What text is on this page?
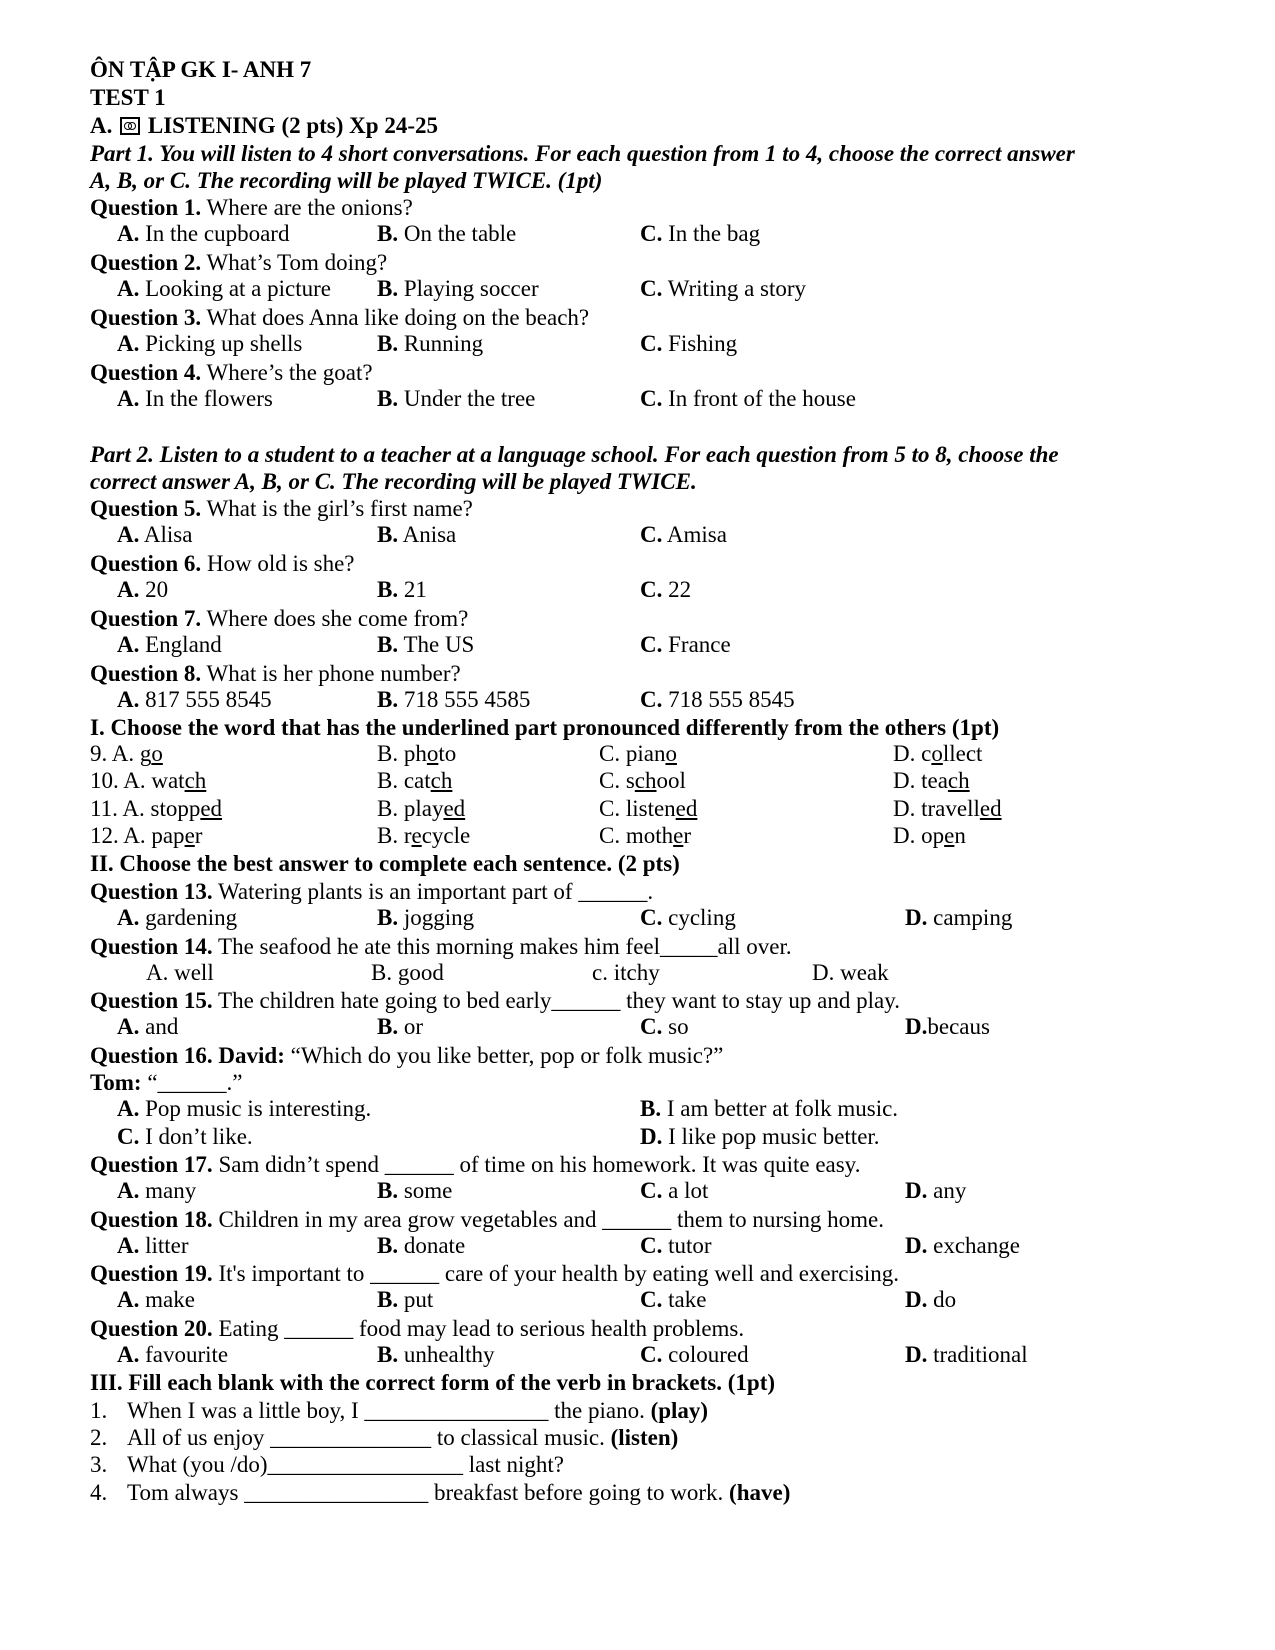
ÔN TẬP GK I- ANH 7
TEST 1
A. LISTENING (2 pts) Xp 24-25
Part 1. You will listen to 4 short conversations. For each question from 1 to 4, choose the correct answer
A, B, or C. The recording will be played TWICE. (1pt)
Question 1. Where are the onions?
A. In the cupboard	B. On the table	C. In the bag
Question 2. What’s Tom doing?
A. Looking at a picture B. Playing soccer	C. Writing a story
Question 3. What does Anna like doing on the beach?
A. Picking up shells	B. Running	C. Fishing
Question 4. Where’s the goat?
A. In the flowers	B. Under the tree	C. In front of the house
Part 2. Listen to a student to a teacher at a language school. For each question from 5 to 8, choose the
correct answer A, B, or C. The recording will be played TWICE.
Question 5. What is the girl’s first name?
A. Alisa	B. Anisa	C. Amisa
Question 6. How old is she?
A. 20	B. 21	C. 22
Question 7. Where does she come from?
A. England	B. The US	C. France
Question 8. What is her phone number?
A. 817 555 8545	B. 718 555 4585	C. 718 555 8545
I. Choose the word that has the underlined part pronounced differently from the others (1pt)
9. A. go	B. photo	C. piano	D. collect
10. A. watch	B. catch	C. school	D. teach
11. A. stopped	B. played	C. listened	D. travelled
12. A. paper	B. recycle	C. mother	D. open
II. Choose the best answer to complete each sentence. (2 pts)
Question 13. Watering plants is an important part of ______.
A. gardening	B. jogging	C. cycling	D. camping
Question 14. The seafood he ate this morning makes him feel_____all over.
A. well	B. good	c. itchy	D. weak
Question 15. The children hate going to bed early______ they want to stay up and play.
A. and	B. or	C. so	D.becaus
Question 16. David: “Which do you like better, pop or folk music?”
Tom: “______.”
A. Pop music is interesting.	B. I am better at folk music.
C. I don’t like.	D. I like pop music better.
Question 17. Sam didn’t spend ______ of time on his homework. It was quite easy.
A. many	B. some	C. a lot	D. any
Question 18. Children in my area grow vegetables and ______ them to nursing home.
A. litter	B. donate	C. tutor	D. exchange
Question 19. It's important to ______ care of your health by eating well and exercising.
A. make	B. put	C. take	D. do
Question 20. Eating ______ food may lead to serious health problems.
A. favourite	B. unhealthy	C. coloured	D. traditional
III. Fill each blank with the correct form of the verb in brackets. (1pt)
1. When I was a little boy, I ________________ the piano. (play)
2. All of us enjoy ______________ to classical music. (listen)
3. What (you /do)_________________ last night?
4. Tom always ________________ breakfast before going to work. (have)
